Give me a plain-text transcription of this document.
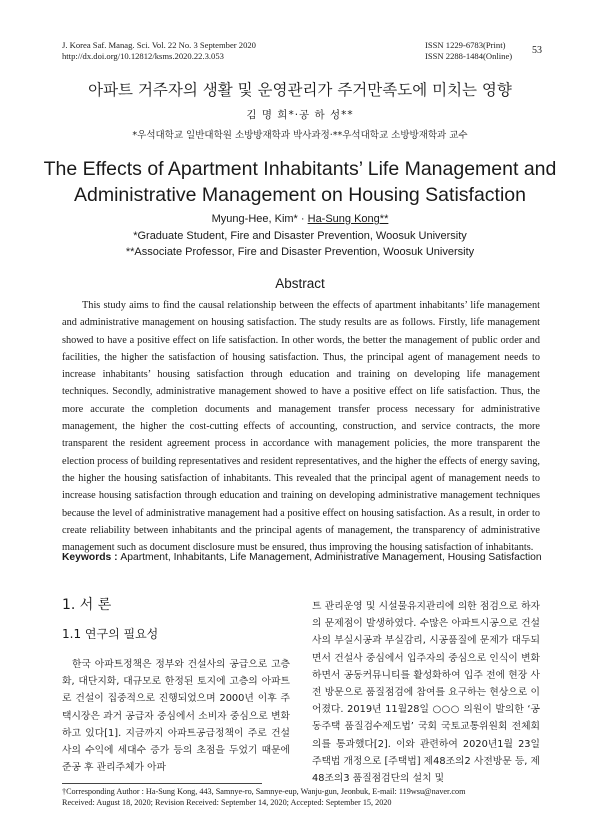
J. Korea Saf. Manag. Sci. Vol. 22 No. 3 September 2020
http://dx.doi.org/10.12812/ksms.2020.22.3.053
ISSN 1229-6783(Print)
ISSN 2288-1484(Online) 53
아파트 거주자의 생활 및 운영관리가 주거만족도에 미치는 영향
김 명 희*·공 하 성**
*우석대학교 일반대학원 소방방재학과 박사과정·**우석대학교 소방방재학과 교수
The Effects of Apartment Inhabitants’ Life Management and
Administrative Management on Housing Satisfaction
Myung-Hee, Kim* · Ha-Sung Kong**
*Graduate Student, Fire and Disaster Prevention, Woosuk University
**Associate Professor, Fire and Disaster Prevention, Woosuk University
Abstract

This study aims to find the causal relationship between the effects of apartment inhabitants’ life management and administrative management on housing satisfaction. The study results are as follows. Firstly, life management showed to have a positive effect on life satisfaction. In other words, the better the management of public order and facilities, the higher the satisfaction of housing satisfaction. Thus, the principal agent of management needs to increase inhabitants’ housing satisfaction through education and training on developing life management techniques. Secondly, administrative management showed to have a positive effect on life satisfaction. Thus, the more accurate the completion documents and management transfer process necessary for administrative management, the higher the cost-cutting effects of accounting, construction, and service contracts, the more transparent the resident agreement process in accordance with management policies, the more transparent the election process of building representatives and resident representatives, and the higher the effects of energy saving, the higher the housing satisfaction of inhabitants. This revealed that the principal agent of management needs to increase housing satisfaction through education and training on developing administrative management techniques because the level of administrative management had a positive effect on housing satisfaction. As a result, in order to create reliability between inhabitants and the principal agents of management, the transparency of administrative management such as document disclosure must be ensured, thus improving the housing satisfaction of inhabitants.

Keywords : Apartment, Inhabitants, Life Management, Administrative Management, Housing Satisfaction
1. 서 론
1.1 연구의 필요성

한국 아파트정책은 정부와 건설사의 공급으로 고층화, 대단지화, 대규모로 한정된 토지에 고층의 아파트로 건설이 집중적으로 진행되었으며 2000년 이후 주택시장은 과거 공급자 중심에서 소비자 중심으로 변화하고 있다[1]. 지금까지 아파트공급정책이 주로 건설사의 수익에 세대수 증가 등의 초점을 두었기 때문에 준공 후 관리주체가 아파

트 관리운영 및 시설물유지관리에 의한 점검으로 하자의 문제점이 발생하였다. 수많은 아파트시공으로 건설사의 부실시공과 부실감리, 시공품질에 문제가 대두되면서 건설사 중심에서 입주자의 중심으로 인식이 변화하면서 공동커뮤니티를 활성화하여 입주 전에 현장 사전 방문으로 품질점검에 참여를 요구하는 현상으로 이어졌다. 2019년 11월28일 ○○○ 의원이 발의한 ‘공동주택 품질검수제도법’ 국회 국토교통위원회 전체회의를 통과했다[2]. 이와 관련하여 2020년1월 23일 주택법 개정으로 [주택법] 제48조의2 사전방문 등, 제48조의3 품질점검단의 설치 및

†Corresponding Author : Ha-Sung Kong, 443, Samnye-ro, Samnye-eup, Wanju-gun, Jeonbuk, E-mail: 119wsu@naver.com
Received: August 18, 2020; Revision Received: September 14, 2020; Accepted: September 15, 2020
